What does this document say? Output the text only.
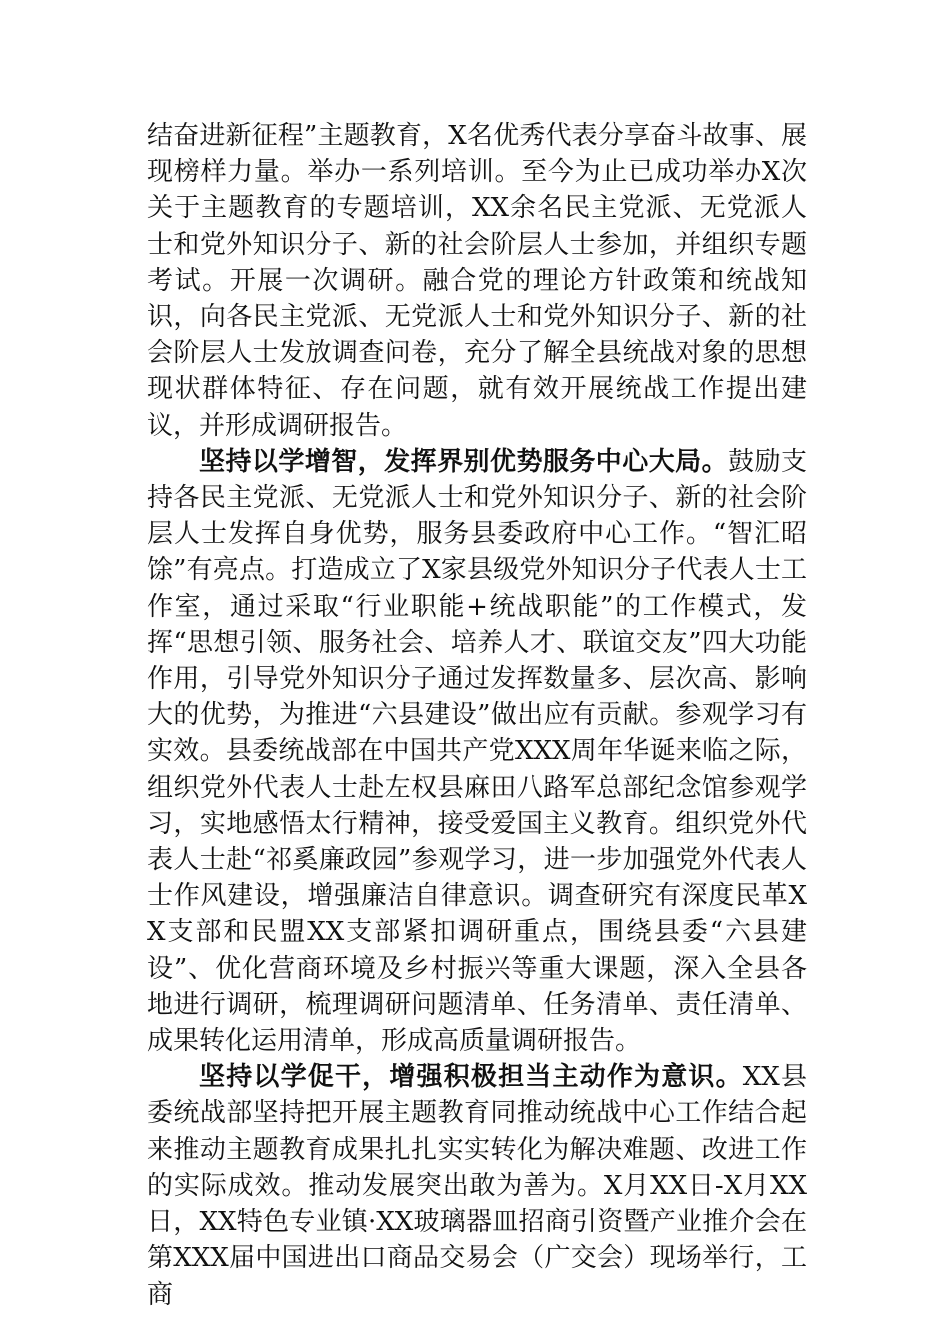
结奋进新征程”主题教育，X名优秀代表分享奋斗故事、展现榜样力量。举办一系列培训。至今为止已成功举办X次关于主题教育的专题培训，XX余名民主党派、无党派人士和党外知识分子、新的社会阶层人士参加，并组织专题考试。开展一次调研。融合党的理论方针政策和统战知识，向各民主党派、无党派人士和党外知识分子、新的社会阶层人士发放调查问卷，充分了解全县统战对象的思想现状群体特征、存在问题，就有效开展统战工作提出建议，并形成调研报告。

坚持以学增智，发挥界别优势服务中心大局。鼓励支持各民主党派、无党派人士和党外知识分子、新的社会阶层人士发挥自身优势，服务县委政府中心工作。“智汇昭馀”有亮点。打造成立了X家县级党外知识分子代表人士工作室，通过采取“行业职能+统战职能”的工作模式，发挥“思想引领、服务社会、培养人才、联谊交友”四大功能作用，引导党外知识分子通过发挥数量多、层次高、影响大的优势，为推进“六县建设”做出应有贡献。参观学习有实效。县委统战部在中国共产党XXX周年华诞来临之际，组织党外代表人士赴左权县麻田八路军总部纪念馆参观学习，实地感悟太行精神，接受爱国主义教育。组织党外代表人士赴“祁奚廉政园”参观学习，进一步加强党外代表人士作风建设，增强廉洁自律意识。调查研究有深度民革XX支部和民盟XX支部紧扣调研重点，围绕县委“六县建设”、优化营商环境及乡村振兴等重大课题，深入全县各地进行调研，梳理调研问题清单、任务清单、责任清单、成果转化运用清单，形成高质量调研报告。

坚持以学促干，增强积极担当主动作为意识。XX县委统战部坚持把开展主题教育同推动统战中心工作结合起来推动主题教育成果扎扎实实转化为解决难题、改进工作的实际成效。推动发展突出敢为善为。X月XX日-X月XX日，XX特色专业镇·XX玻璃器皿招商引资暨产业推介会在第XXX届中国进出口商品交易会（广交会）现场举行，工商
